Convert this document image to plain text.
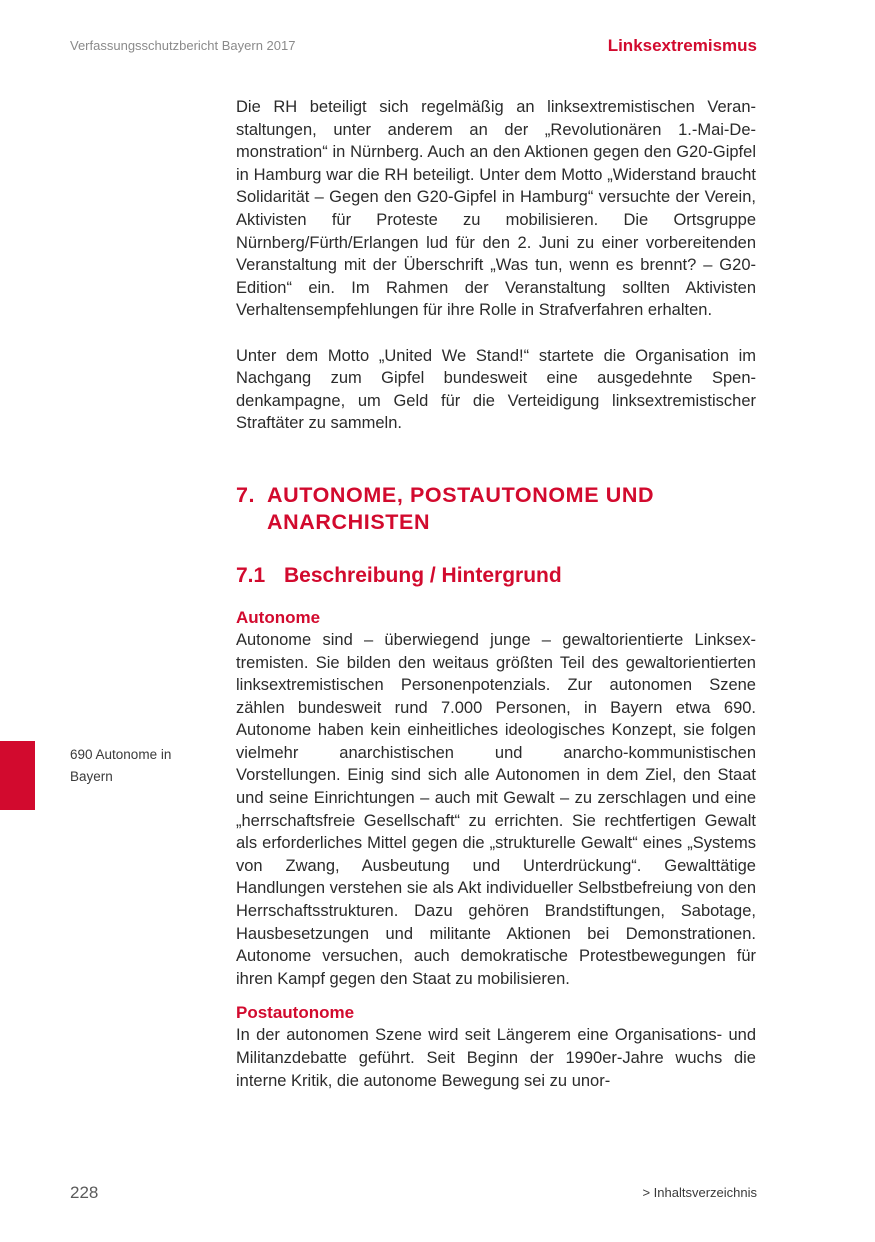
Verfassungsschutzbericht Bayern 2017	Linksextremismus

Die RH beteiligt sich regelmäßig an linksextremistischen Veranstaltungen, unter anderem an der „Revolutionären 1.-Mai-Demonstration“ in Nürnberg. Auch an den Aktionen gegen den G20-Gipfel in Hamburg war die RH beteiligt. Unter dem Motto „Widerstand braucht Solidarität – Gegen den G20-Gipfel in Hamburg“ versuchte der Verein, Aktivisten für Proteste zu mobilisieren. Die Ortsgruppe Nürnberg/Fürth/Erlangen lud für den 2. Juni zu einer vorbereitenden Veranstaltung mit der Überschrift „Was tun, wenn es brennt? – G20-Edition“ ein. Im Rahmen der Veranstaltung sollten Aktivisten Verhaltensempfehlungen für ihre Rolle in Strafverfahren erhalten.

Unter dem Motto „United We Stand!“ startete die Organisation im Nachgang zum Gipfel bundesweit eine ausgedehnte Spendenkampagne, um Geld für die Verteidigung linksextremistischer Straftäter zu sammeln.

7. AUTONOME, POSTAUTONOME UND ANARCHISTEN
7.1 Beschreibung / Hintergrund
Autonome

Autonome sind – überwiegend junge – gewaltorientierte Linksextremisten. Sie bilden den weitaus größten Teil des gewaltorientierten linksextremistischen Personenpotenzials. Zur autonomen Szene zählen bundesweit rund 7.000 Personen, in Bayern etwa 690. Autonome haben kein einheitliches ideologisches Konzept, sie folgen vielmehr anarchistischen und anarcho-kommunistischen Vorstellungen. Einig sind sich alle Autonomen in dem Ziel, den Staat und seine Einrichtungen – auch mit Gewalt – zu zerschlagen und eine „herrschaftsfreie Gesellschaft“ zu errichten. Sie rechtfertigen Gewalt als erforderliches Mittel gegen die „strukturelle Gewalt“ eines „Systems von Zwang, Ausbeutung und Unterdrückung“. Gewalttätige Handlungen verstehen sie als Akt individueller Selbstbefreiung von den Herrschaftsstrukturen. Dazu gehören Brandstiftungen, Sabotage, Hausbesetzungen und militante Aktionen bei Demonstrationen. Autonome versuchen, auch demokratische Protestbewegungen für ihren Kampf gegen den Staat zu mobilisieren.

Postautonome

In der autonomen Szene wird seit Längerem eine Organisations- und Militanzdebatte geführt. Seit Beginn der 1990er-Jahre wuchs die interne Kritik, die autonome Bewegung sei zu unor-

690 Autonome in Bayern
228	> Inhaltsverzeichnis
